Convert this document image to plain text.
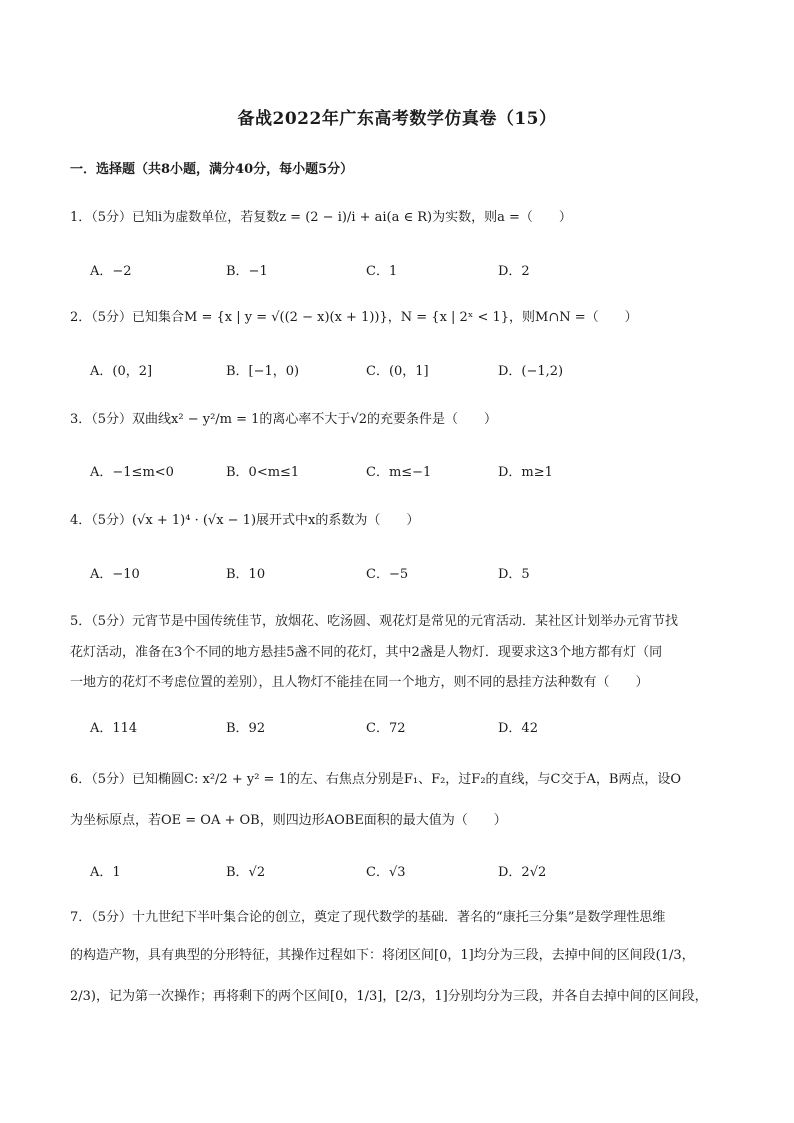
备战2022年广东高考数学仿真卷（15）
一．选择题（共8小题，满分40分，每小题5分）
1．（5分）已知i为虚数单位，若复数z = (2 − i)/i + ai(a ∈ R)为实数，则a =（　　）
A．−2	B．−1	C．1	D．2
2．（5分）已知集合M = {x | y = √((2 − x)(x + 1))}，N = {x | 2ˣ < 1}，则M∩N =（　　）
A．(0，2]	B．[−1，0)	C．(0，1]	D．(−1,2)
3．（5分）双曲线x² − y²/m = 1的离心率不大于√2的充要条件是（　　）
A．−1≤m<0	B．0<m≤1	C．m≤−1	D．m≥1
4．（5分）(√x + 1)⁴ · (√x − 1)展开式中x的系数为（　　）
A．−10	B．10	C．−5	D．5
5．（5分）元宵节是中国传统佳节，放烟花、吃汤圆、观花灯是常见的元宵活动．某社区计划举办元宵节找
花灯活动，准备在3个不同的地方悬挂5盏不同的花灯，其中2盏是人物灯．现要求这3个地方都有灯（同
一地方的花灯不考虑位置的差别），且人物灯不能挂在同一个地方，则不同的悬挂方法种数有（　　）
A．114	B．92	C．72	D．42
6．（5分）已知椭圆C: x²/2 + y² = 1的左、右焦点分别是F₁、F₂，过F₂的直线，与C交于A，B两点，设O
为坐标原点，若OE = OA + OB，则四边形AOBE面积的最大值为（　　）
A．1	B．√2	C．√3	D．2√2
7．（5分）十九世纪下半叶集合论的创立，奠定了现代数学的基础．著名的“康托三分集”是数学理性思维
的构造产物，具有典型的分形特征，其操作过程如下：将闭区间[0，1]均分为三段，去掉中间的区间段(1/3，
2/3)，记为第一次操作；再将剩下的两个区间[0，1/3]，[2/3，1]分别均分为三段，并各自去掉中间的区间段，
